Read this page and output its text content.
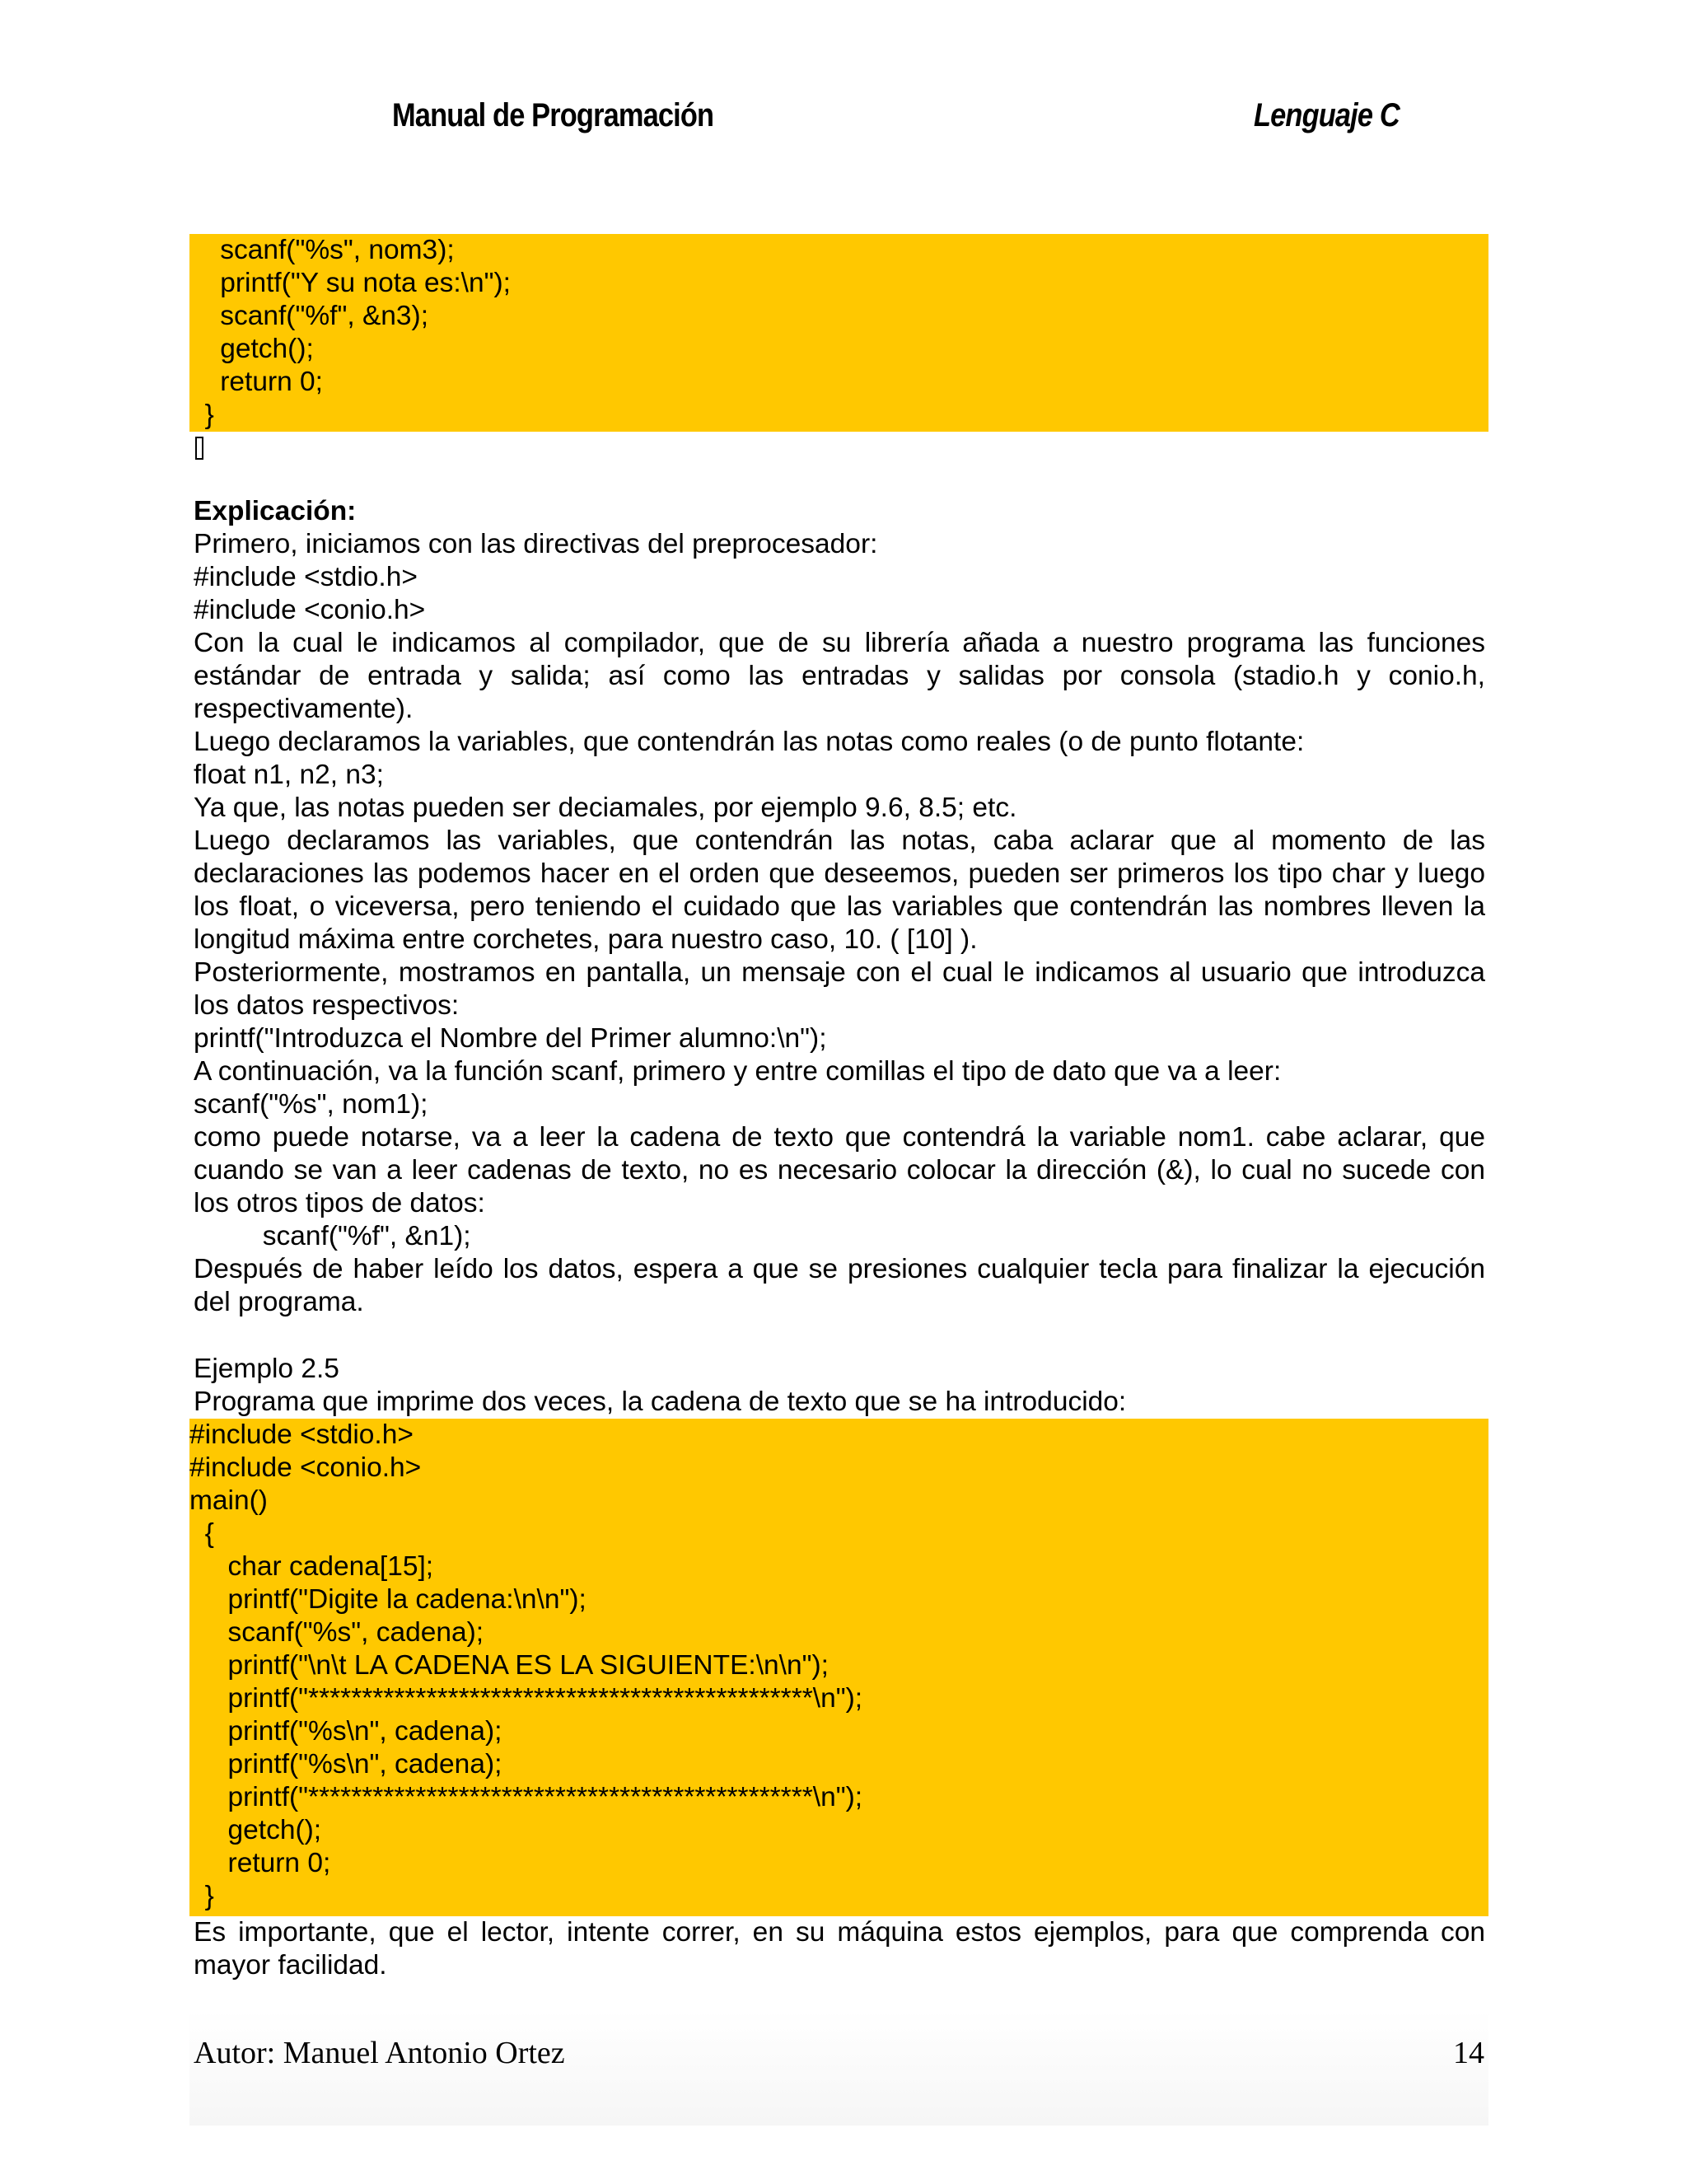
Manual de Programación	Lenguaje C
scanf("%s", nom3);
printf("Y su nota es:\n");
scanf("%f", &n3);
getch();
return 0;
}
Explicación:
Primero, iniciamos con las directivas del preprocesador:
#include <stdio.h>
#include <conio.h>
Con la cual le indicamos al compilador, que de su librería añada a nuestro programa las funciones estándar de entrada y salida; así como las entradas y salidas por consola (stadio.h y conio.h, respectivamente).
Luego declaramos la variables, que contendrán las notas como reales (o de punto flotante:
float n1, n2, n3;
Ya que, las notas pueden ser deciamales, por ejemplo 9.6, 8.5; etc.
Luego declaramos las variables, que contendrán las notas, caba aclarar que al momento de las declaraciones las podemos hacer en el orden que deseemos, pueden ser primeros los tipo char y luego los float, o viceversa, pero teniendo el cuidado que las variables que contendrán las nombres lleven la longitud máxima entre corchetes, para nuestro caso, 10. ( [10] ).
Posteriormente, mostramos en pantalla, un mensaje con el cual le indicamos al usuario que introduzca los datos respectivos:
printf("Introduzca el Nombre del Primer alumno:\n");
A continuación, va la función scanf, primero y entre comillas el tipo de dato que va a leer:
scanf("%s", nom1);
como puede notarse, va a leer la cadena de texto que contendrá la variable nom1. cabe aclarar, que cuando se van a leer cadenas de texto, no es necesario colocar la dirección (&), lo cual no sucede con los otros tipos de datos:
scanf("%f", &n1);
Después de haber leído los datos, espera a que se presiones cualquier tecla para finalizar la ejecución del programa.
Ejemplo 2.5
Programa que imprime dos veces, la cadena de texto que se ha introducido:
#include <stdio.h>
#include <conio.h>
main()
{
char cadena[15];
printf("Digite la cadena:\n\n");
scanf("%s", cadena);
printf("\n\t LA CADENA ES LA SIGUIENTE:\n\n");
printf("***********************************************\n");
printf("%s\n", cadena);
printf("%s\n", cadena);
printf("***********************************************\n");
getch();
return 0;
}
Es importante, que el lector, intente correr, en su máquina estos ejemplos, para que comprenda con mayor facilidad.
Autor: Manuel Antonio Ortez	14
